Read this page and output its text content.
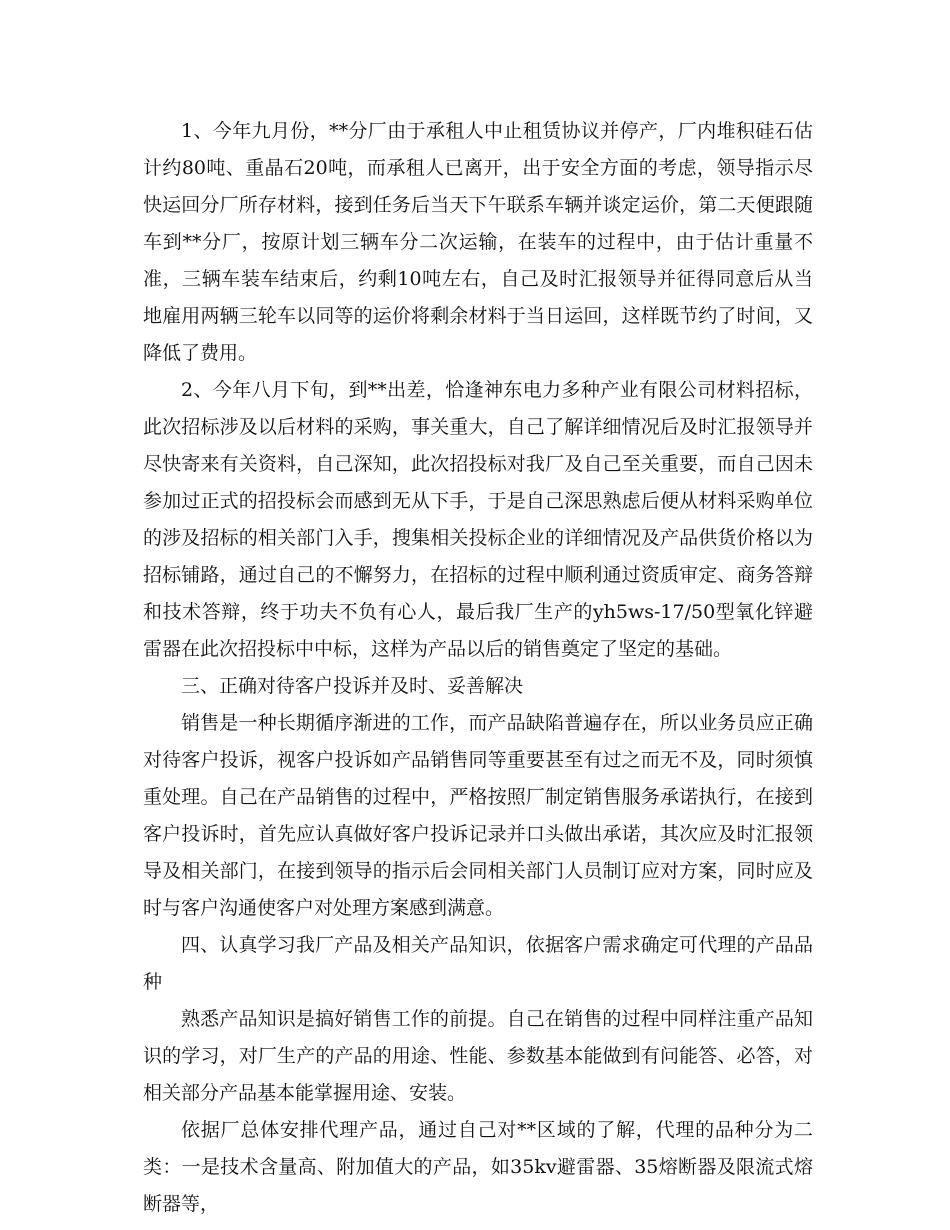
1、今年九月份，**分厂由于承租人中止租赁协议并停产，厂内堆积硅石估计约80吨、重晶石20吨，而承租人已离开，出于安全方面的考虑，领导指示尽快运回分厂所存材料，接到任务后当天下午联系车辆并谈定运价，第二天便跟随车到**分厂，按原计划三辆车分二次运输，在装车的过程中，由于估计重量不准，三辆车装车结束后，约剩10吨左右，自己及时汇报领导并征得同意后从当地雇用两辆三轮车以同等的运价将剩余材料于当日运回，这样既节约了时间，又降低了费用。

2、今年八月下旬，到**出差，恰逢神东电力多种产业有限公司材料招标，此次招标涉及以后材料的采购，事关重大，自己了解详细情况后及时汇报领导并尽快寄来有关资料，自己深知，此次招投标对我厂及自己至关重要，而自己因未参加过正式的招投标会而感到无从下手，于是自己深思熟虑后便从材料采购单位的涉及招标的相关部门入手，搜集相关投标企业的详细情况及产品供货价格以为招标铺路，通过自己的不懈努力，在招标的过程中顺利通过资质审定、商务答辩和技术答辩，终于功夫不负有心人，最后我厂生产的yh5ws-17/50型氧化锌避雷器在此次招投标中中标，这样为产品以后的销售奠定了坚定的基础。

三、正确对待客户投诉并及时、妥善解决

销售是一种长期循序渐进的工作，而产品缺陷普遍存在，所以业务员应正确对待客户投诉，视客户投诉如产品销售同等重要甚至有过之而无不及，同时须慎重处理。自己在产品销售的过程中，严格按照厂制定销售服务承诺执行，在接到客户投诉时，首先应认真做好客户投诉记录并口头做出承诺，其次应及时汇报领导及相关部门，在接到领导的指示后会同相关部门人员制订应对方案，同时应及时与客户沟通使客户对处理方案感到满意。

四、认真学习我厂产品及相关产品知识，依据客户需求确定可代理的产品品种

熟悉产品知识是搞好销售工作的前提。自己在销售的过程中同样注重产品知识的学习，对厂生产的产品的用途、性能、参数基本能做到有问能答、必答，对相关部分产品基本能掌握用途、安装。

依据厂总体安排代理产品，通过自己对**区域的了解，代理的品种分为二类：一是技术含量高、附加值大的产品，如35kv避雷器、35熔断器及限流式熔断器等，
